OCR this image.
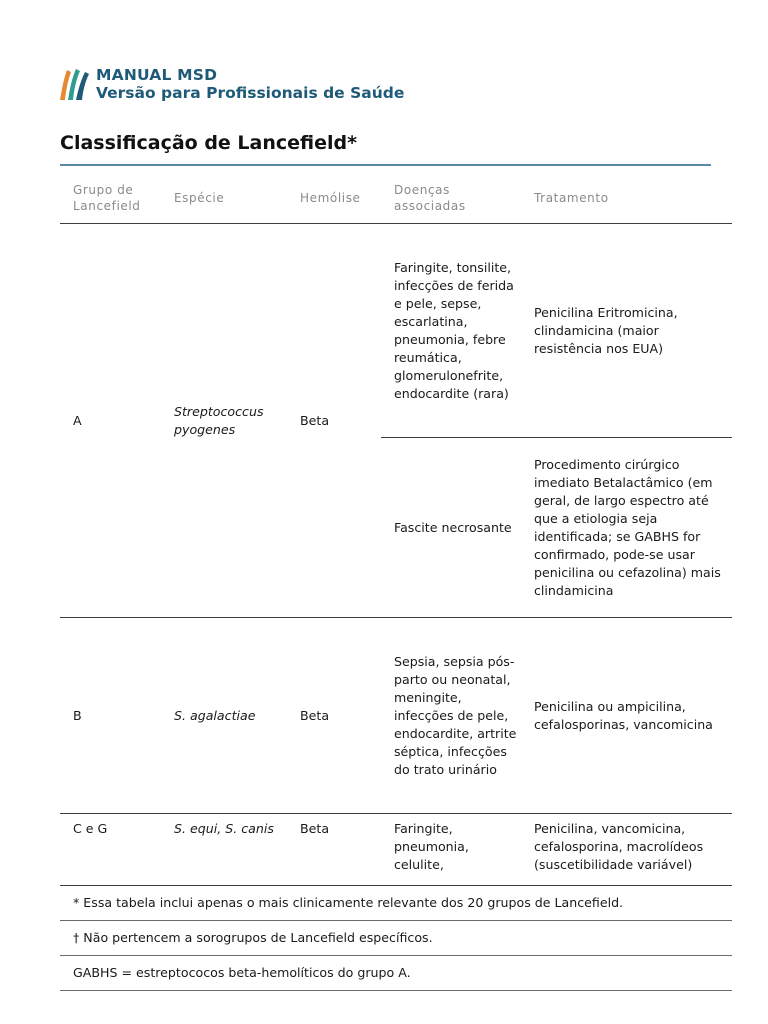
MANUAL MSD
Versão para Profissionais de Saúde
Classificação de Lancefield*
Grupo de Lancefield	Espécie	Hemólise	Doenças associadas	Tratamento
A	Streptococcus pyogenes	Beta	Faringite, tonsilite, infecções de ferida e pele, sepse, escarlatina, pneumonia, febre reumática, glomerulonefrite, endocardite (rara)	Penicilina Eritromicina, clindamicina (maior resistência nos EUA)
			Fascite necrosante	Procedimento cirúrgico imediato Betalactâmico (em geral, de largo espectro até que a etiologia seja identificada; se GABHS for confirmado, pode-se usar penicilina ou cefazolina) mais clindamicina
B	S. agalactiae	Beta	Sepsia, sepsia pós-parto ou neonatal, meningite, infecções de pele, endocardite, artrite séptica, infecções do trato urinário	Penicilina ou ampicilina, cefalosporinas, vancomicina
C e G	S. equi, S. canis	Beta	Faringite, pneumonia, celulite,	Penicilina, vancomicina, cefalosporina, macrolídeos (suscetibilidade variável)
* Essa tabela inclui apenas o mais clinicamente relevante dos 20 grupos de Lancefield.
† Não pertencem a sorogrupos de Lancefield específicos.
GABHS = estreptococos beta-hemolíticos do grupo A.
